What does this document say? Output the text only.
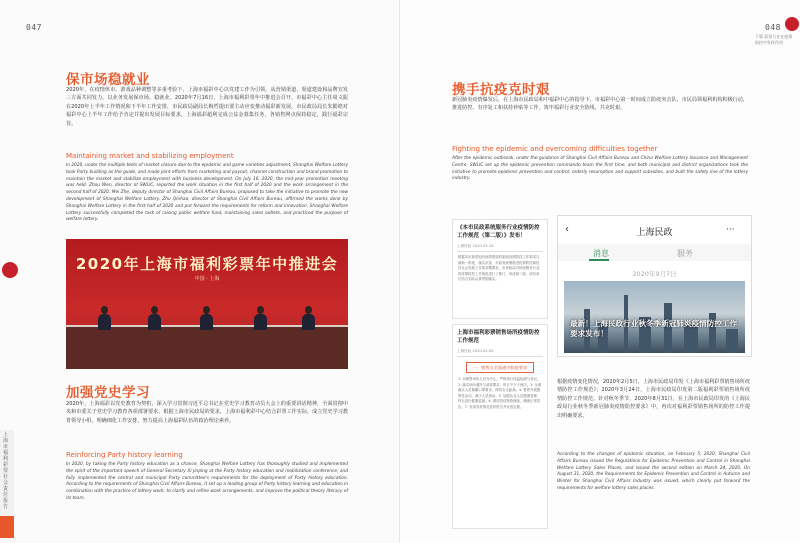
047
上海市福利彩票社会责任报告
保市场稳就业
2020年，在疫情休市、游戏品种调整等多重考验下，上海市福彩中心以党建工作为引领，从营销渠道、渠道建设和品牌宣发三方面共同发力，以业务发展保市场、稳就业。2020年7月16日，上海市福利彩票年中推进会召开，市福彩中心主任周文振在2020年上半年工作情况和下半年工作安排，市民政局副局长梅哲提出要主动应变推动福彩新发展，市民政局局长朱勤皓对福彩中心上半年工作给予肯定并提出发展目标要求，上海福彩超利完成公益金募集任务，各销售网点保持稳定，践行福彩宗旨。
Maintaining market and stabilizing employment
In 2020, under the multiple tests of market closure due to the epidemic and game varieties adjustment, Shanghai Welfare Lottery took Party building as the guide, and made joint efforts from marketing and payout, channel construction and brand promotion to maintain the market and stabilize employment with business development. On July 16, 2020, the mid-year promotion meeting was held. Zhou Wen, director of SWLIC, reported the work situation in the first half of 2020 and the work arrangement in the second half of 2020. Mei Zhe, deputy director of Shanghai Civil Affairs Bureau, proposed to take the initiative to promote the new development of Shanghai Welfare Lottery. Zhu Qinhao, director of Shanghai Civil Affairs Bureau, affirmed the works done by Shanghai Welfare Lottery in the first half of 2020 and put forward the requirements for reform and innovation. Shanghai Welfare Lottery successfully completed the task of raising public welfare fund, maintaining sales outlets, and practiced the purpose of welfare lottery.
2020年上海市福利彩票年中推进会
中国 · 上海
加强党史学习
2020年，上海福彩以党史教育为契机，深入学习贯彻习近平总书记在党史学习教育动员大会上的重要讲话精神，全面贯彻中央和市委关于党史学习教育各项部署要求，根据上海市民政局的要求，上海市福利彩中心结合彩票工作实际，成立党史学习教育领导小组，明确细化工作安排，努力提高上海福彩队伍的政治理论素养。
Reinforcing Party history learning
In 2020, by taking the Party history education as a chance, Shanghai Welfare Lottery has thoroughly studied and implemented the spirit of the important speech of General Secretary Xi Jinping at the Party history education and mobilization conference, and fully implemented the central and municipal Party committee's requirements for the deployment of Party history education. According to the requirements of Shanghai Civil Affairs Bureau, it set up a leading group of Party history learning and education in combination with the practice of lottery work, to clarify and refine work arrangements, and improve the political theory literacy of its team.
048
下篇 彩票行业在疫情防控中发挥作用
携手抗疫克时艰
新冠肺炎疫情爆发后，在上海市民政局和中福彩中心的指导下，市福彩中心第一时间成立防疫突击队，市民局领福利机构积极行动，推进防控、有序复工和扶持补贴等工作，筑牢福彩行业安全防线，共克时艰。
Fighting the epidemic and overcoming difficulties together
After the epidemic outbreak, under the guidance of Shanghai Civil Affairs Bureau and China Welfare Lottery Issuance and Management Centre, SWLIC set up the epidemic prevention commando team the first time, and both municipal and district organizations took the initiative to promote epidemic prevention and control, orderly resumption and support subsidies, and built the safety line of the lottery industry.
《本市民政系统服务行业疫情防控工作规范（第二版）》发布！
上海民政 2020-03-24
根据本市新型冠状病毒感染的肺炎疫情防控工作需求与最新一阶段，落实市委、市政府统筹推进疫情防控和经济社会发展工作的部署要求，市民政局对民政服务行业的疫情防控工作规范进行了修订，形成第二版，请各单位结合实际认真贯彻落实。
上海市福利彩票销售场所疫情防控工作规范
上海民政 2020-02-05
一、销售点全面通守防疫要求
1. 以销售场所人员为中心，严格执行体温检测与登记。2. 落实场所通风与消毒要求，每日不少于两次。3. 全面落实人员佩戴口罩要求，保持安全距离。4. 暂停开展聚集性活动，减少人员流动。5. 加强从业人员健康管理，每日进行健康监测。6. 做好防疫物资储备，确保正常供应。7. 发现异常情况及时报告并妥善处置。
‹	上海民政	···
消息	服务
2020年9月7日
最新！上海民政行业秋冬季新冠肺炎疫情防控工作要求发布！
根据疫情变化情况，2020年2月5日，上海市民政局印发《上海市福利彩票销售场所疫情防控工作规范》；2020年3月24日，上海市民政局印发第二版福利彩票销售场所疫情防控工作规范。针对秋冬季节，2020年8月31日，在上海市民政局印发的《上海民政局行业秋冬季新冠肺炎疫情防控要求》中，再次对福利彩票销售场所的防控工作提出明确要求。
According to the changes of epidemic situation, on February 5, 2020, Shanghai Civil Affairs Bureau issued the Regulations for Epidemic Prevention and Control in Shanghai Welfare Lottery Sales Places, and issued the second edition on March 24, 2020. On August 31, 2020, the Requirements for Epidemic Prevention and Control in Autumn and Winter for Shanghai Civil Affairs Industry was issued, which clearly put forward the requirements for welfare lottery sales places.
